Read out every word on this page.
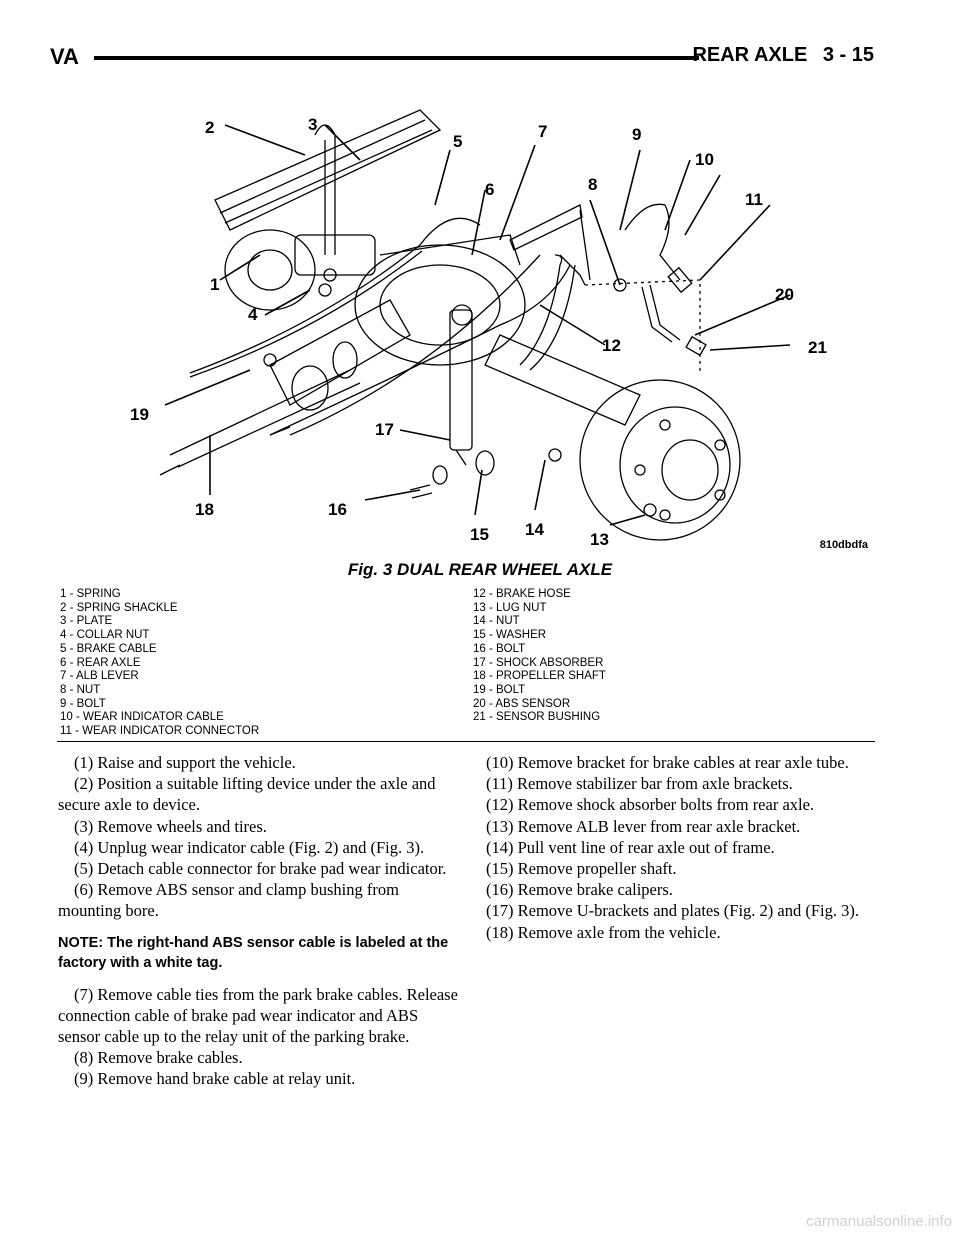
VA	REAR AXLE 3 - 15
2	3
1
4
5
6
7
8
9
10
11
12
13
14
15
16
17
18
19
20
21
810dbdfa
Fig. 3 DUAL REAR WHEEL AXLE
1 - SPRING
2 - SPRING SHACKLE
3 - PLATE
4 - COLLAR NUT
5 - BRAKE CABLE
6 - REAR AXLE
7 - ALB LEVER
8 - NUT
9 - BOLT
10 - WEAR INDICATOR CABLE
11 - WEAR INDICATOR CONNECTOR
12 - BRAKE HOSE
13 - LUG NUT
14 - NUT
15 - WASHER
16 - BOLT
17 - SHOCK ABSORBER
18 - PROPELLER SHAFT
19 - BOLT
20 - ABS SENSOR
21 - SENSOR BUSHING

(1) Raise and support the vehicle.

(2) Position a suitable lifting device under the axle and secure axle to device.

(3) Remove wheels and tires.

(4) Unplug wear indicator cable (Fig. 2) and (Fig. 3).

(5) Detach cable connector for brake pad wear indicator.

(6) Remove ABS sensor and clamp bushing from mounting bore.

NOTE: The right-hand ABS sensor cable is labeled at the factory with a white tag.

(7) Remove cable ties from the park brake cables. Release connection cable of brake pad wear indicator and ABS sensor cable up to the relay unit of the parking brake.

(8) Remove brake cables.

(9) Remove hand brake cable at relay unit.

(10) Remove bracket for brake cables at rear axle tube.

(11) Remove stabilizer bar from axle brackets.

(12) Remove shock absorber bolts from rear axle.

(13) Remove ALB lever from rear axle bracket.

(14) Pull vent line of rear axle out of frame.

(15) Remove propeller shaft.

(16) Remove brake calipers.

(17) Remove U-brackets and plates (Fig. 2) and (Fig. 3).

(18) Remove axle from the vehicle.

carmanualsonline.info
